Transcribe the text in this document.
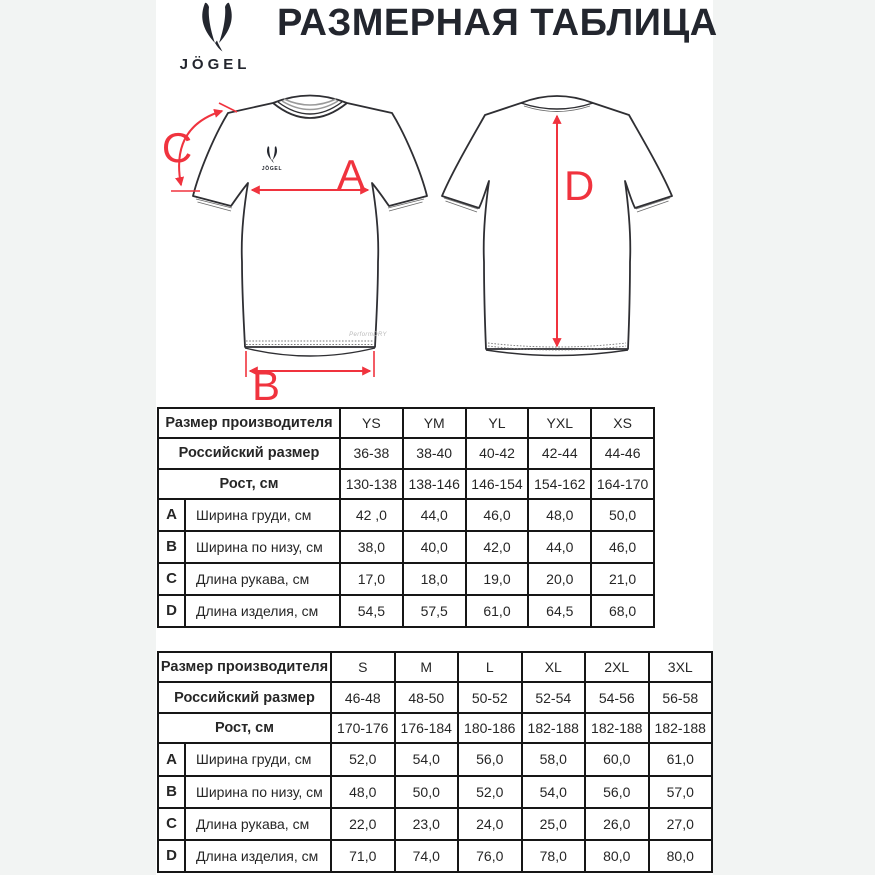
JÖGEL
РАЗМЕРНАЯ ТАБЛИЦА
JÖGEL
PerformDRY
A
B
C
D
Размер производителя		YS	YM	YL	YXL	XS
Российский размер		36-38	38-40	40-42	42-44	44-46
Рост, см		130-138	138-146	146-154	154-162	164-170
A	Ширина груди, см	42 ,0	44,0	46,0	48,0	50,0
B	Ширина по низу, см	38,0	40,0	42,0	44,0	46,0
C	Длина рукава, см	17,0	18,0	19,0	20,0	21,0
D	Длина изделия, см	54,5	57,5	61,0	64,5	68,0
Размер производителя		S	M	L	XL	2XL	3XL
Российский размер		46-48	48-50	50-52	52-54	54-56	56-58
Рост, см		170-176	176-184	180-186	182-188	182-188	182-188
A	Ширина груди, см	52,0	54,0	56,0	58,0	60,0	61,0
B	Ширина по низу, см	48,0	50,0	52,0	54,0	56,0	57,0
C	Длина рукава, см	22,0	23,0	24,0	25,0	26,0	27,0
D	Длина изделия, см	71,0	74,0	76,0	78,0	80,0	80,0
